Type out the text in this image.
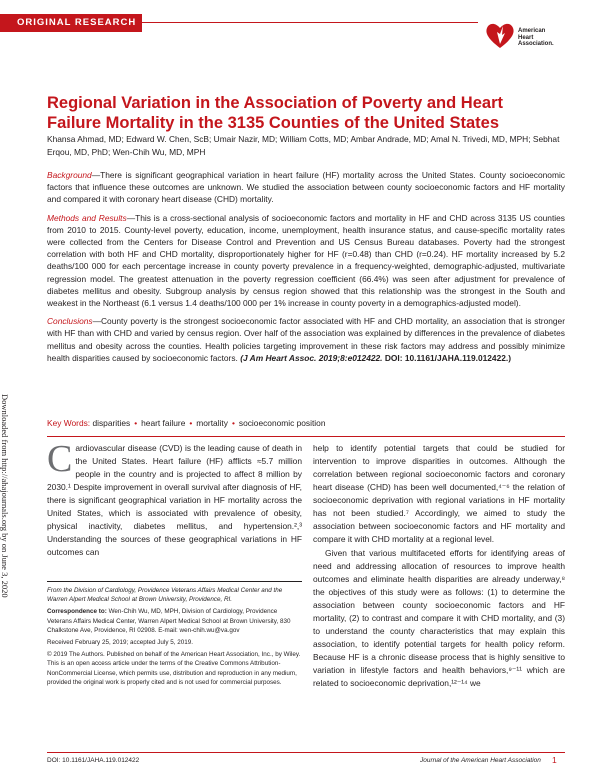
ORIGINAL RESEARCH
American
Heart
Association.
Downloaded from http://ahajournals.org by on June 3, 2020
Regional Variation in the Association of Poverty and Heart Failure Mortality in the 3135 Counties of the United States
Khansa Ahmad, MD; Edward W. Chen, ScB; Umair Nazir, MD; William Cotts, MD; Ambar Andrade, MD; Amal N. Trivedi, MD, MPH; Sebhat Erqou, MD, PhD; Wen-Chih Wu, MD, MPH

Background—There is significant geographical variation in heart failure (HF) mortality across the United States. County socioeconomic factors that influence these outcomes are unknown. We studied the association between county socioeconomic factors and HF mortality and compared it with coronary heart disease (CHD) mortality.

Methods and Results—This is a cross-sectional analysis of socioeconomic factors and mortality in HF and CHD across 3135 US counties from 2010 to 2015. County-level poverty, education, income, unemployment, health insurance status, and cause-specific mortality rates were collected from the Centers for Disease Control and Prevention and US Census Bureau databases. Poverty had the strongest correlation with both HF and CHD mortality, disproportionately higher for HF (r=0.48) than CHD (r=0.24). HF mortality increased by 5.2 deaths/100 000 for each percentage increase in county poverty prevalence in a frequency-weighted, demographic-adjusted, multivariate regression model. The greatest attenuation in the poverty regression coefficient (66.4%) was seen after adjustment for prevalence of diabetes mellitus and obesity. Subgroup analysis by census region showed that this relationship was the strongest in the South and weakest in the Northeast (6.1 versus 1.4 deaths/100 000 per 1% increase in county poverty in a demographics-adjusted model).

Conclusions—County poverty is the strongest socioeconomic factor associated with HF and CHD mortality, an association that is stronger with HF than with CHD and varied by census region. Over half of the association was explained by differences in the prevalence of diabetes mellitus and obesity across the counties. Health policies targeting improvement in these risk factors may address and possibly minimize health disparities caused by socioeconomic factors. (J Am Heart Assoc. 2019;8:e012422. DOI: 10.1161/JAHA.119.012422.)

Key Words: disparities • heart failure • mortality • socioeconomic position
C ardiovascular disease (CVD) is the leading cause of death in the United States. Heart failure (HF) afflicts ≈5.7 million people in the country and is projected to affect 8 million by 2030.¹ Despite improvement in overall survival after diagnosis of HF, there is significant geographical variation in HF mortality across the United States, which is associated with prevalence of obesity, physical inactivity, diabetes mellitus, and hypertension.²,³ Understanding the sources of these geographical variations in HF outcomes can

help to identify potential targets that could be studied for intervention to improve disparities in outcomes. Although the correlation between regional socioeconomic factors and coronary heart disease (CHD) has been well documented,⁴⁻⁶ the relation of socioeconomic deprivation with regional variations in HF mortality has not been studied.⁷ Accordingly, we aimed to study the association between socioeconomic factors and HF mortality and compare it with CHD mortality at a regional level.

Given that various multifaceted efforts for identifying areas of need and addressing allocation of resources to improve health outcomes and eliminate health disparities are already underway,⁸ the objectives of this study were as follows: (1) to determine the association between county socioeconomic factors and HF mortality, (2) to contrast and compare it with CHD mortality, and (3) to understand the county characteristics that may explain this association, to identify potential targets for health policy reform. Because HF is a chronic disease process that is highly sensitive to variation in lifestyle factors and health behaviors,⁹⁻¹¹ which are related to socioeconomic deprivation,¹²⁻¹⁴ we

From the Division of Cardiology, Providence Veterans Affairs Medical Center and the Warren Alpert Medical School at Brown University, Providence, RI.

Correspondence to: Wen-Chih Wu, MD, MPH, Division of Cardiology, Providence Veterans Affairs Medical Center, Warren Alpert Medical School at Brown University, 830 Chalkstone Ave, Providence, RI 02908. E-mail: wen-chih.wu@va.gov

Received February 25, 2019; accepted July 5, 2019.

© 2019 The Authors. Published on behalf of the American Heart Association, Inc., by Wiley. This is an open access article under the terms of the Creative Commons Attribution-NonCommercial License, which permits use, distribution and reproduction in any medium, provided the original work is properly cited and is not used for commercial purposes.

DOI: 10.1161/JAHA.119.012422	Journal of the American Heart Association 1
